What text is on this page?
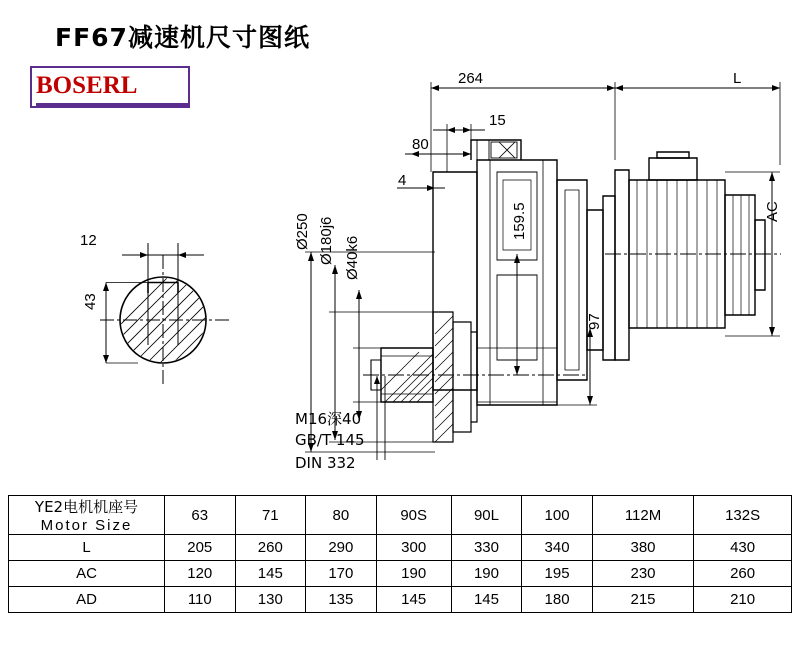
FF67减速机尺寸图纸
BOSERL
12
43
264	L
15
80
4
AC
159.5
97
Ø250 Ø180j6 Ø40k6
M16深40
GB/T 145
DIN 332
YE2电机机座号
Motor Size	63	71	80	90S	90L	100	112M	132S
L	205	260	290	300	330	340	380	430
AC	120	145	170	190	190	195	230	260
AD	110	130	135	145	145	180	215	210
